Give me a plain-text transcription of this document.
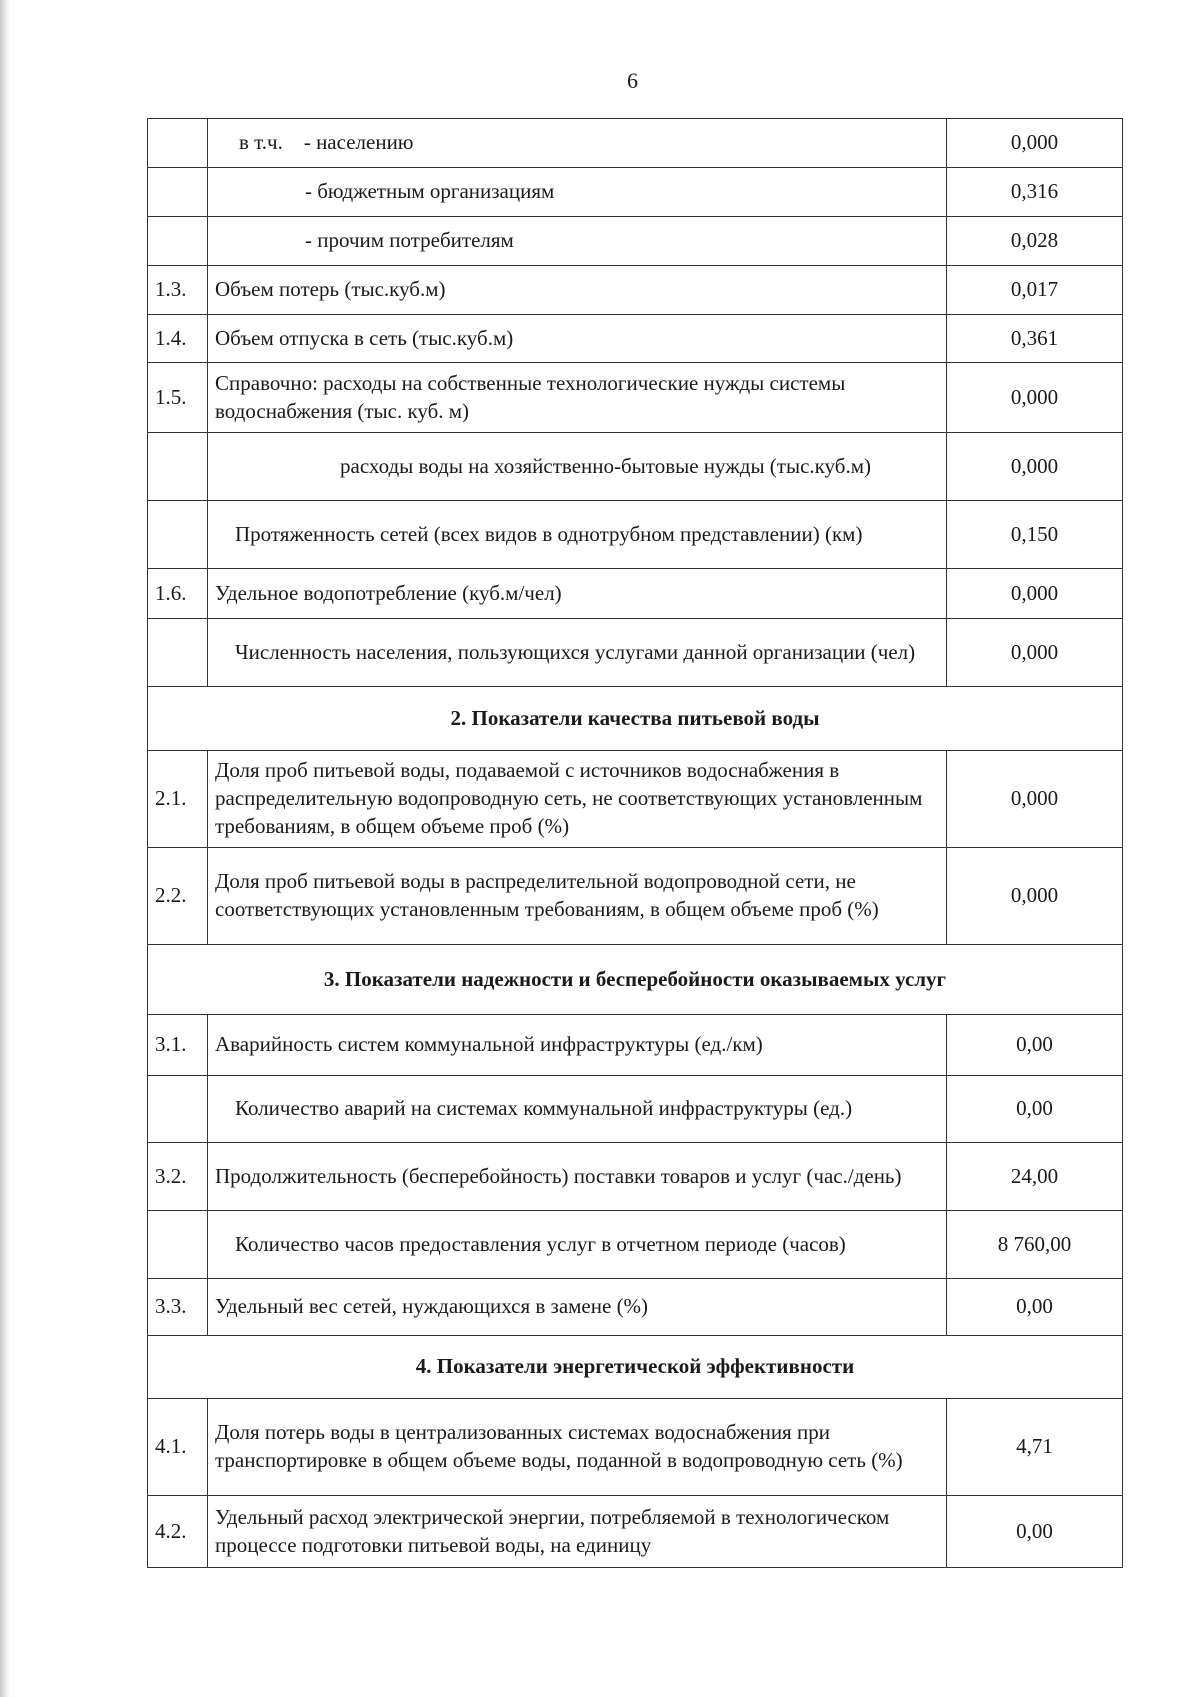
6
	в т.ч. - населению	0,000
	- бюджетным организациям	0,316
	- прочим потребителям	0,028
1.3.	Объем потерь (тыс.куб.м)	0,017
1.4.	Объем отпуска в сеть (тыс.куб.м)	0,361
1.5.	Справочно: расходы на собственные технологические нужды системы водоснабжения (тыс. куб. м)	0,000

	расходы воды на хозяйственно-бытовые нужды (тыс.куб.м)	0,000
	Протяженность сетей (всех видов в однотрубном представлении) (км)	0,150
1.6.	Удельное водопотребление (куб.м/чел)	0,000
	Численность населения, пользующихся услугами данной организации (чел)	0,000
2. Показатели качества питьевой воды		
2.1.	Доля проб питьевой воды, подаваемой с источников водоснабжения в распределительную водопроводную сеть, не соответствующих установленным требованиям, в общем объеме проб (%)	0,000
2.2.	Доля проб питьевой воды в распределительной водопроводной сети, не соответствующих установленным требованиям, в общем объеме проб (%)	0,000
3. Показатели надежности и бесперебойности оказываемых услуг		
3.1.	Аварийность систем коммунальной инфраструктуры (ед./км)	0,00
	Количество аварий на системах коммунальной инфраструктуры (ед.)	0,00
3.2.	Продолжительность (бесперебойность) поставки товаров и услуг (час./день)	24,00
	Количество часов предоставления услуг в отчетном периоде (часов)	8 760,00
3.3.	Удельный вес сетей, нуждающихся в замене (%)	0,00
4. Показатели энергетической эффективности		
4.1.	Доля потерь воды в централизованных системах водоснабжения при транспортировке в общем объеме воды, поданной в водопроводную сеть (%)	4,71
4.2.	Удельный расход электрической энергии, потребляемой в технологическом процессе подготовки питьевой воды, на единицу	0,00
